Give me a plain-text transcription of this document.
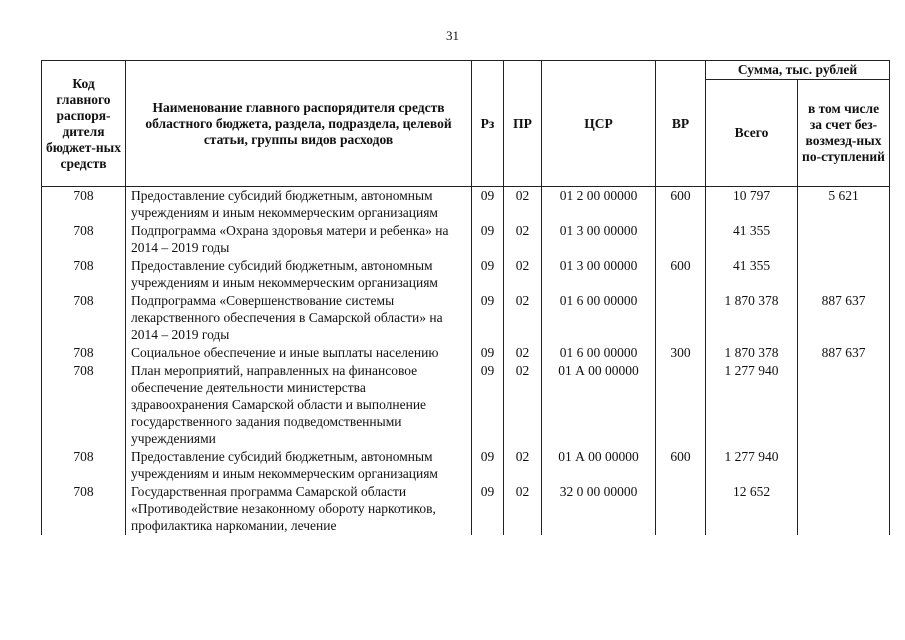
31
Код главного распоря-дителя бюджет-ных средств	Наименование главного распорядителя средств областного бюджета, раздела, подраздела, целевой статьи, группы видов расходов	Рз	ПР	ЦСР	ВР	Сумма, тыс. рублей	
						Всего	в том числе за счет без-возмезд-ных по-ступлений
708	Предоставление субсидий бюджетным, автономным учреждениям и иным некоммерческим организациям	09	02	01 2 00 00000	600	10 797	5 621
708	Подпрограмма «Охрана здоровья матери и ребенка» на 2014 – 2019 годы	09	02	01 3 00 00000		41 355	
708	Предоставление субсидий бюджетным, автономным учреждениям и иным некоммерческим организациям	09	02	01 3 00 00000	600	41 355	
708	Подпрограмма «Совершенствование системы лекарственного обеспечения в Самарской области» на 2014 – 2019 годы	09	02	01 6 00 00000		1 870 378	887 637
708	Социальное обеспечение и иные выплаты населению	09	02	01 6 00 00000	300	1 870 378	887 637
708	План мероприятий, направленных на финансовое обеспечение деятельности министерства здравоохранения Самарской области и выполнение государственного задания подведомственными учреждениями	09	02	01 А 00 00000		1 277 940	
708	Предоставление субсидий бюджетным, автономным учреждениям и иным некоммерческим организациям	09	02	01 А 00 00000	600	1 277 940	
708	Государственная программа Самарской области «Противодействие незаконному обороту наркотиков, профилактика наркомании, лечение	09	02	32 0 00 00000		12 652	
